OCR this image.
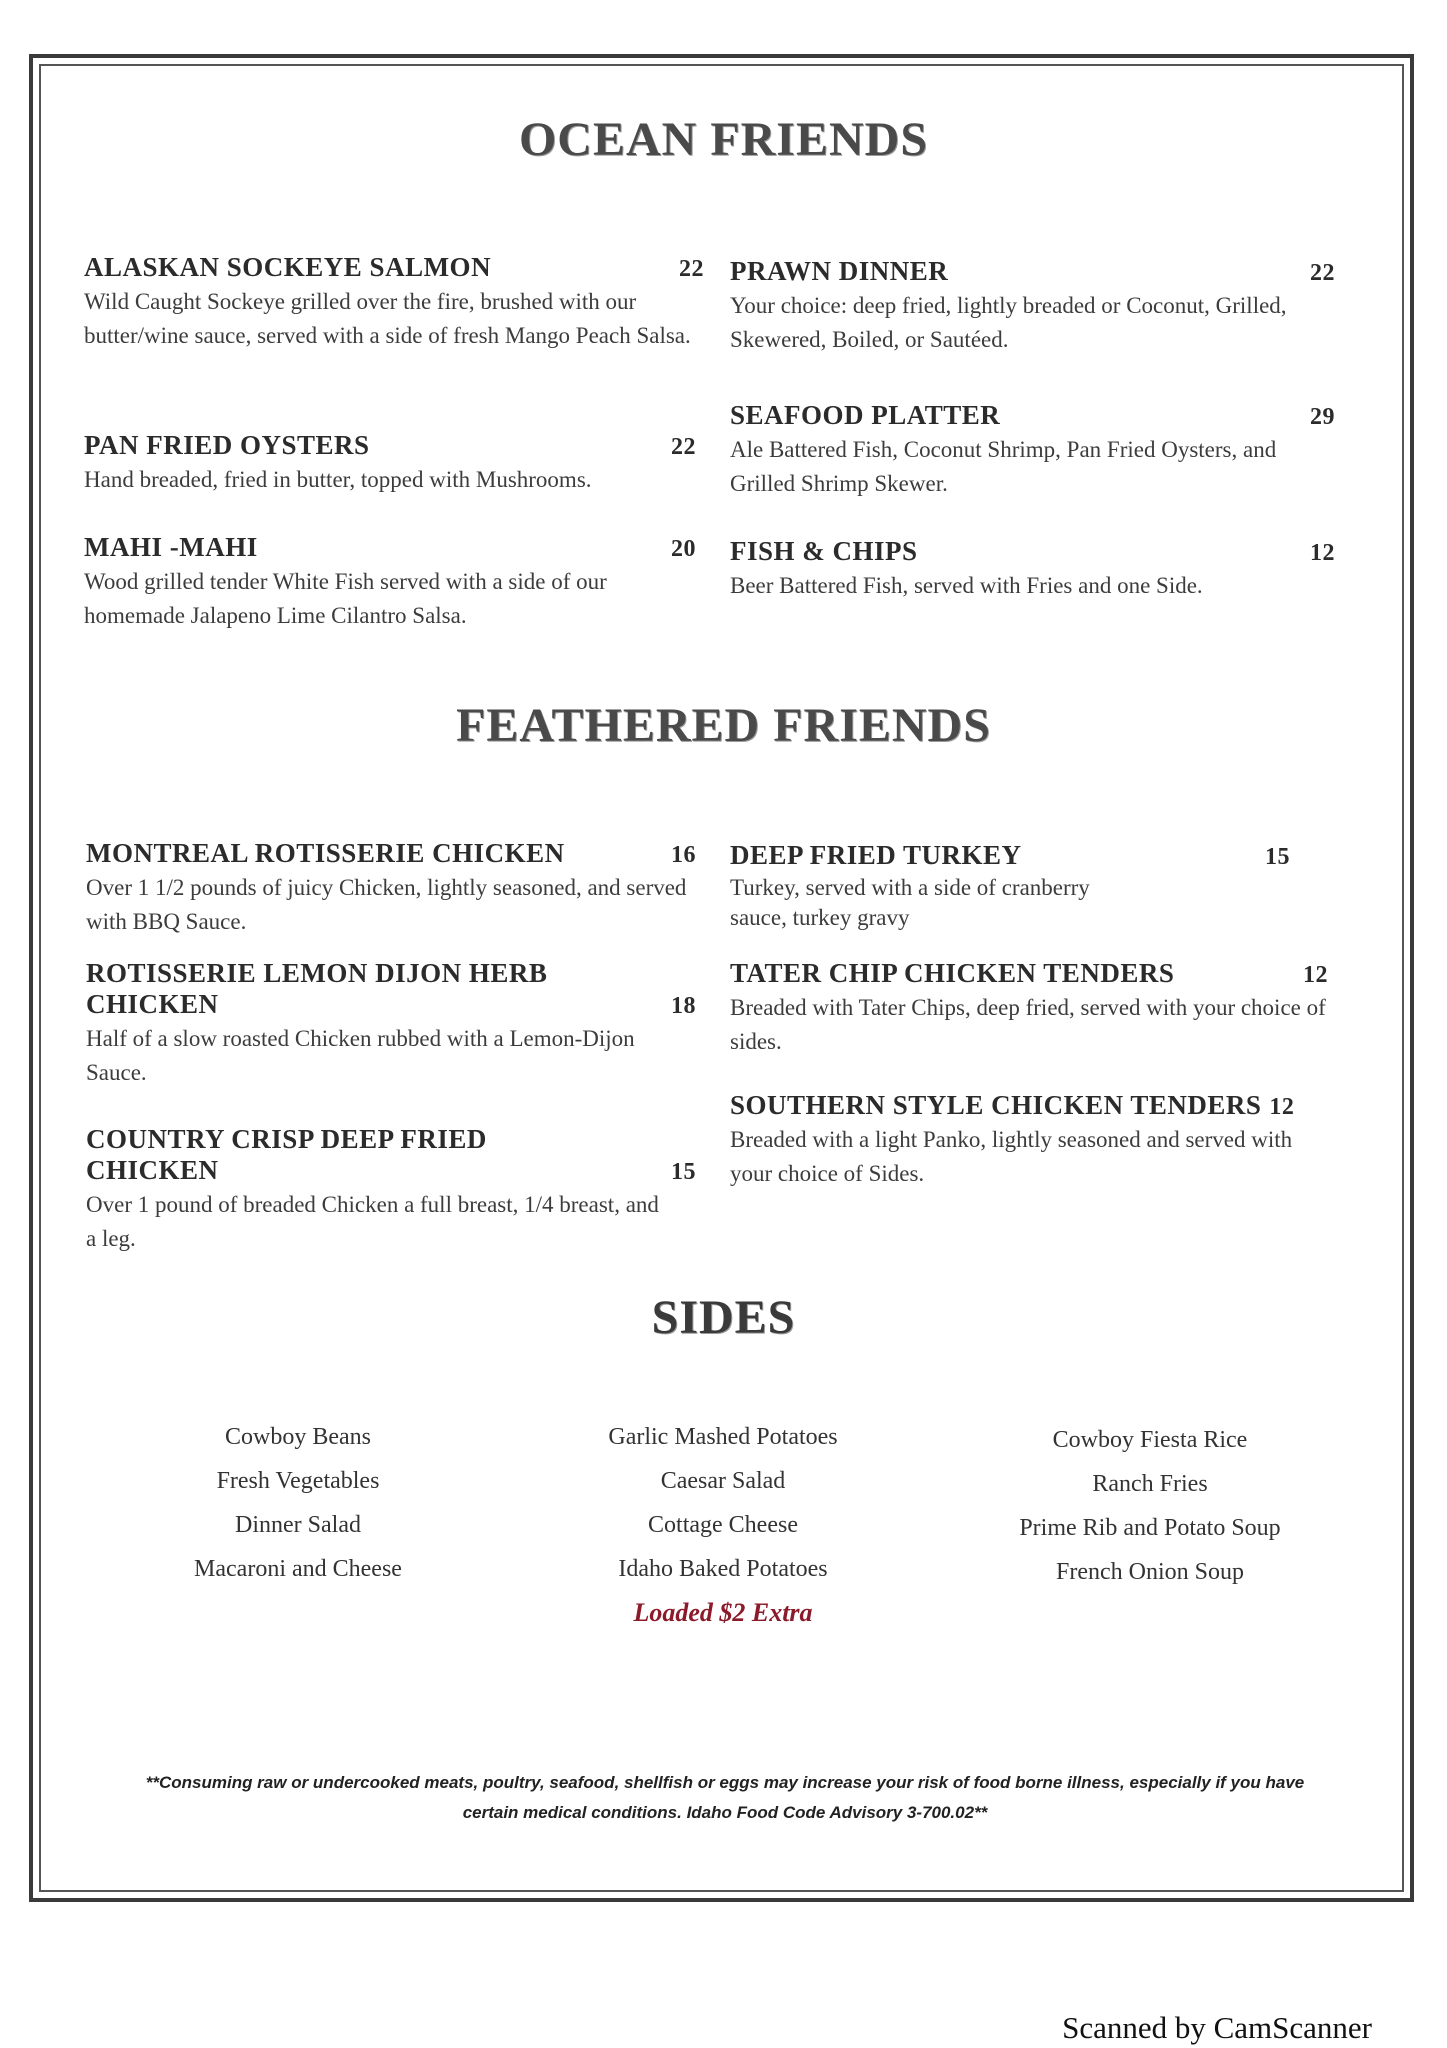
OCEAN FRIENDS
ALASKAN SOCKEYE SALMON	22
Wild Caught Sockeye grilled over the fire, brushed with our butter/wine sauce, served with a side of fresh Mango Peach Salsa.
PAN FRIED OYSTERS	22
Hand breaded, fried in butter, topped with Mushrooms.
MAHI -MAHI	20
Wood grilled tender White Fish served with a side of our homemade Jalapeno Lime Cilantro Salsa.
PRAWN DINNER	22
Your choice: deep fried, lightly breaded or Coconut, Grilled, Skewered, Boiled, or Sautéed.
SEAFOOD PLATTER	29
Ale Battered Fish, Coconut Shrimp, Pan Fried Oysters, and Grilled Shrimp Skewer.
FISH & CHIPS	12
Beer Battered Fish, served with Fries and one Side.
FEATHERED FRIENDS
MONTREAL ROTISSERIE CHICKEN	16
Over 1 1/2 pounds of juicy Chicken, lightly seasoned, and served with BBQ Sauce.
ROTISSERIE LEMON DIJON HERB
CHICKEN	18
Half of a slow roasted Chicken rubbed with a Lemon-Dijon Sauce.
COUNTRY CRISP DEEP FRIED
CHICKEN	15
Over 1 pound of breaded Chicken a full breast, 1/4 breast, and a leg.
DEEP FRIED TURKEY	15
Turkey, served with a side of cranberry sauce, turkey gravy
TATER CHIP CHICKEN TENDERS	12
Breaded with Tater Chips, deep fried, served with your choice of sides.
SOUTHERN STYLE CHICKEN TENDERS 12
Breaded with a light Panko, lightly seasoned and served with your choice of Sides.
SIDES
Cowboy Beans
Fresh Vegetables
Dinner Salad
Macaroni and Cheese
Garlic Mashed Potatoes
Caesar Salad
Cottage Cheese
Idaho Baked Potatoes
Loaded $2 Extra
Cowboy Fiesta Rice
Ranch Fries
Prime Rib and Potato Soup
French Onion Soup
**Consuming raw or undercooked meats, poultry, seafood, shellfish or eggs may increase your risk of food borne illness, especially if you have
certain medical conditions. Idaho Food Code Advisory 3-700.02**
Scanned by CamScanner
